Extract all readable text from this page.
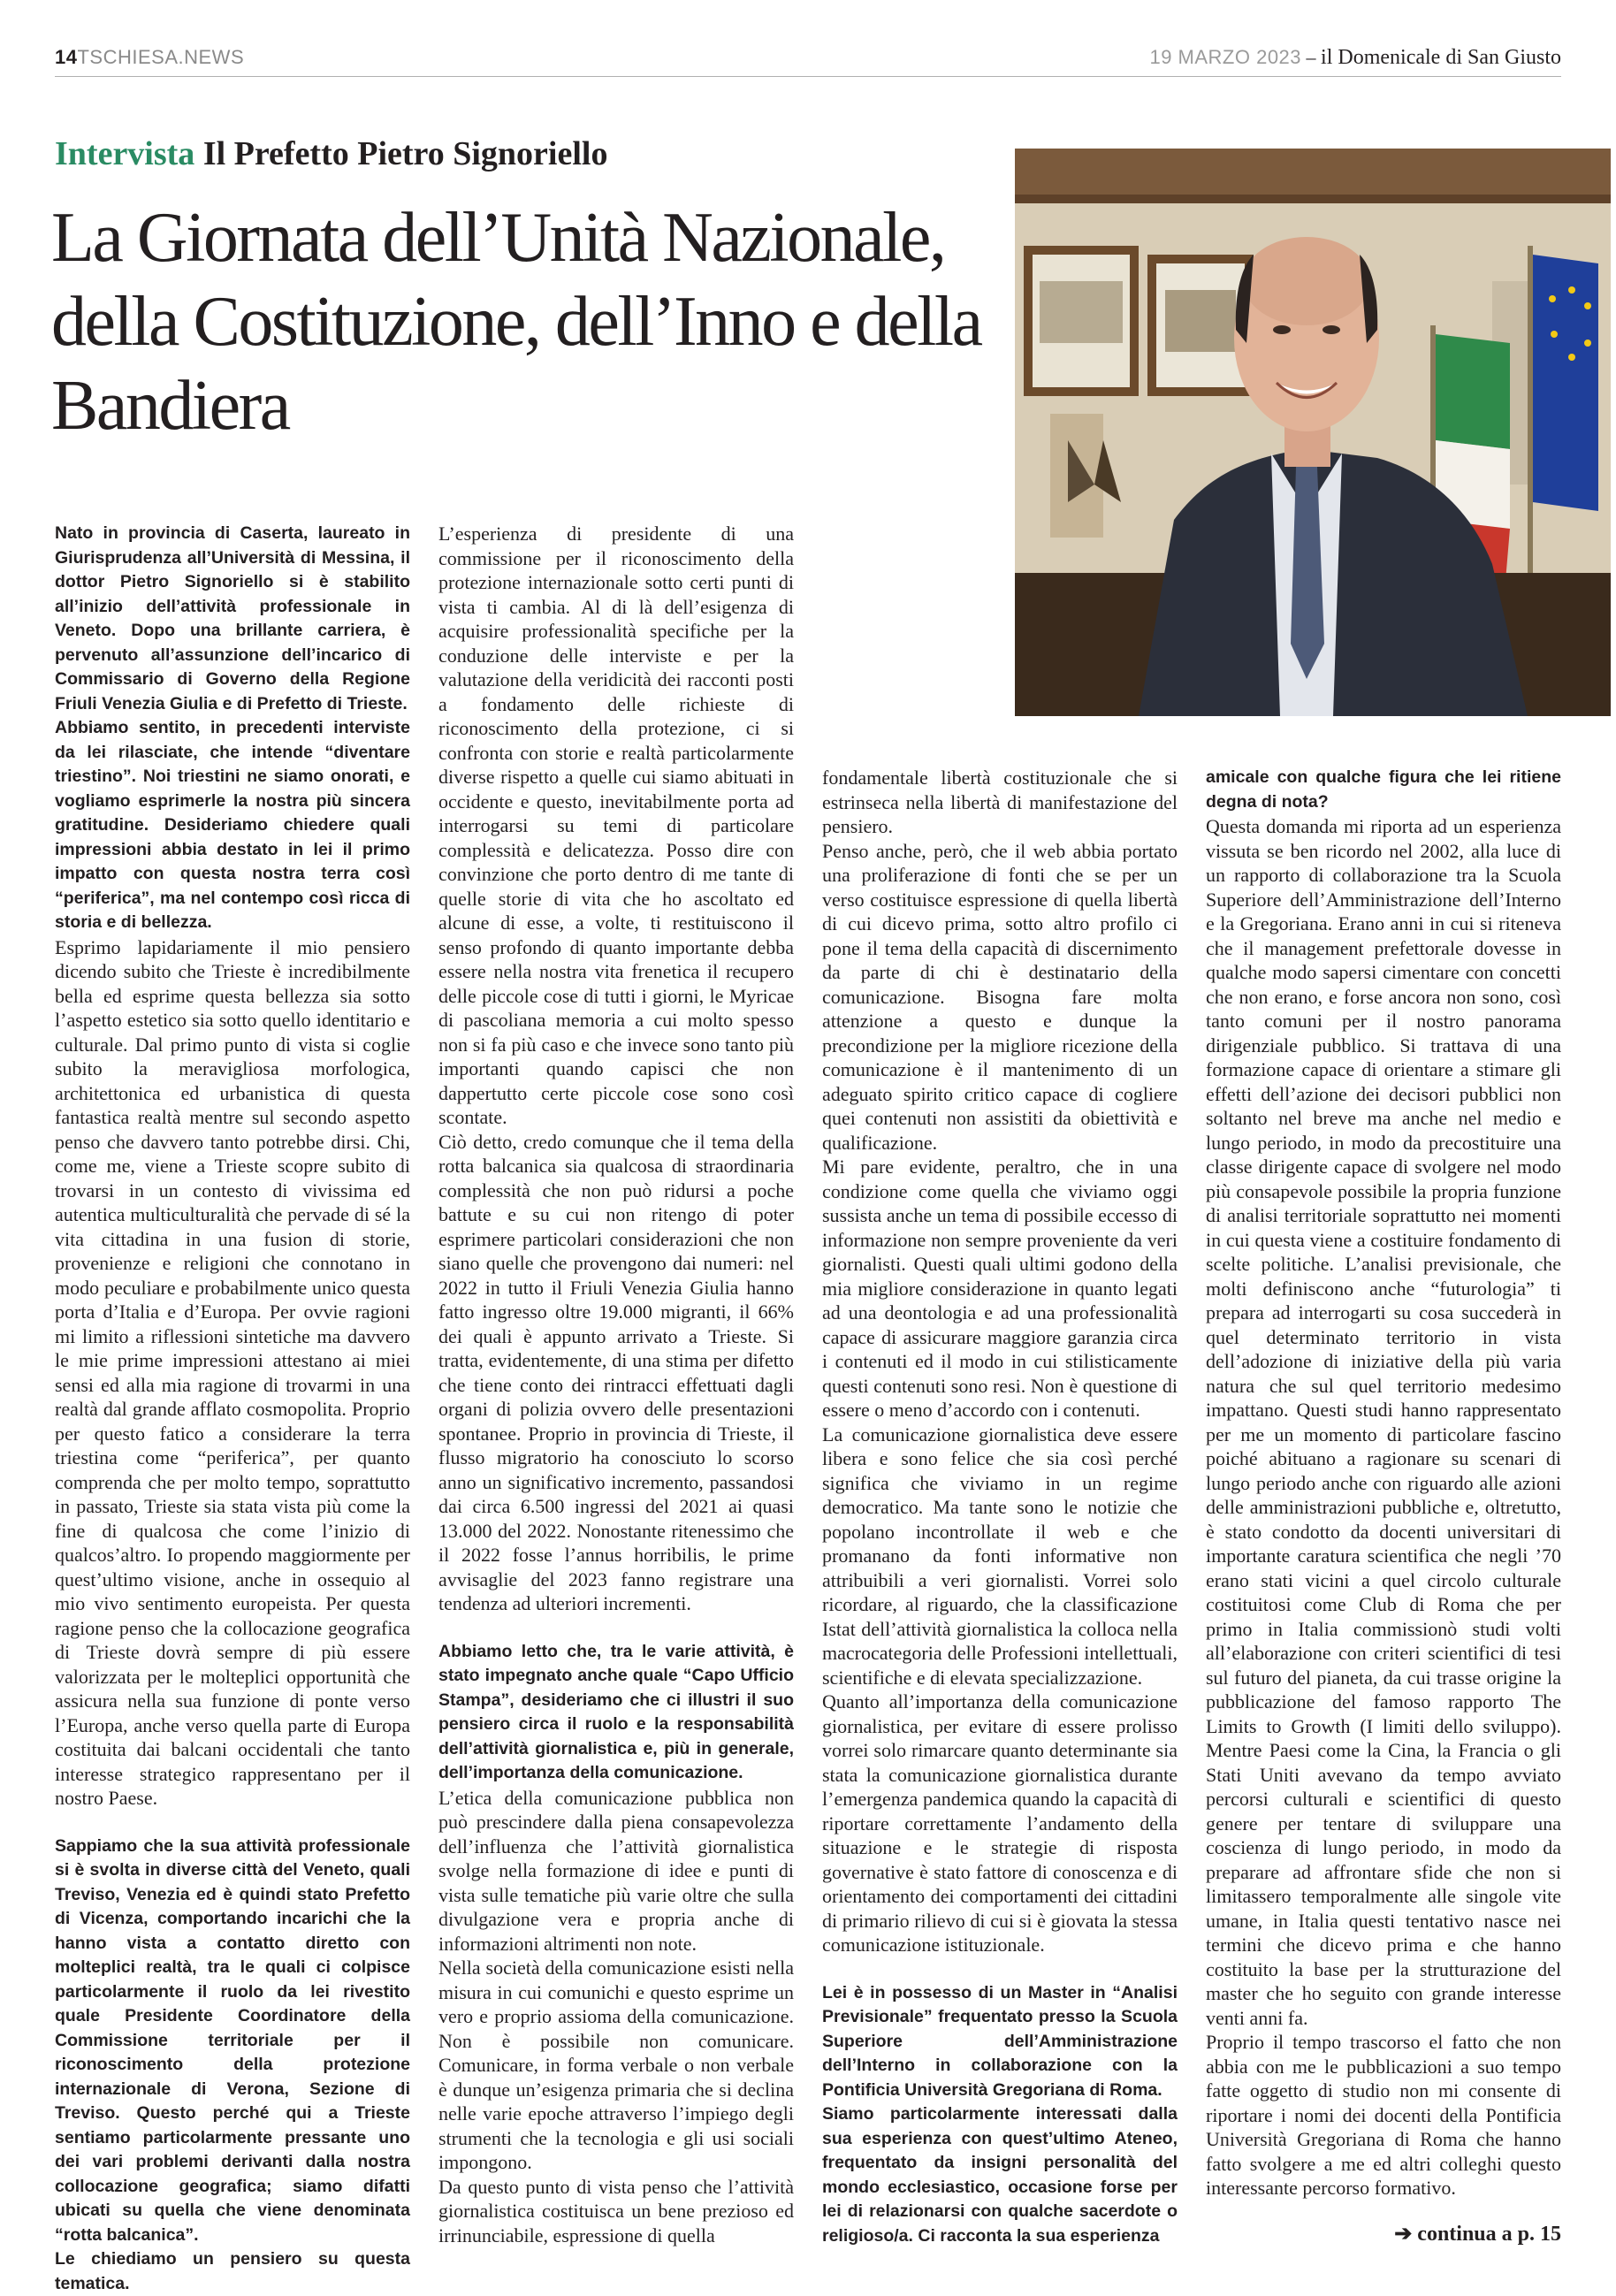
14TSCHIESA.NEWS	19 MARZO 2023 – il Domenicale di San Giusto
Intervista Il Prefetto Pietro Signoriello
La Giornata dell’Unità Nazionale, della Costituzione, dell’Inno e della Bandiera

Nato in provincia di Caserta, laureato in Giurisprudenza all’Università di Messina, il dottor Pietro Signoriello si è stabilito all’inizio dell’attività professionale in Veneto. Dopo una brillante carriera, è pervenuto all’assunzione dell’incarico di Commissario di Governo della Regione Friuli Venezia Giulia e di Prefetto di Trieste.

Abbiamo sentito, in precedenti interviste da lei rilasciate, che intende “diventare triestino”. Noi triestini ne siamo onorati, e vogliamo esprimerle la nostra più sincera gratitudine. Desideriamo chiedere quali impressioni abbia destato in lei il primo impatto con questa nostra terra così “periferica”, ma nel contempo così ricca di storia e di bellezza.

Esprimo lapidariamente il mio pensiero dicendo subito che Trieste è incredibilmente bella ed esprime questa bellezza sia sotto l’aspetto estetico sia sotto quello identitario e culturale. Dal primo punto di vista si coglie subito la meravigliosa morfologica, architettonica ed urbanistica di questa fantastica realtà mentre sul secondo aspetto penso che davvero tanto potrebbe dirsi. Chi, come me, viene a Trieste scopre subito di trovarsi in un contesto di vivissima ed autentica multiculturalità che pervade di sé la vita cittadina in una fusion di storie, provenienze e religioni che connotano in modo peculiare e probabilmente unico questa porta d’Italia e d’Europa. Per ovvie ragioni mi limito a riflessioni sintetiche ma davvero le mie prime impressioni attestano ai miei sensi ed alla mia ragione di trovarmi in una realtà dal grande afflato cosmopolita. Proprio per questo fatico a considerare la terra triestina come “periferica”, per quanto comprenda che per molto tempo, soprattutto in passato, Trieste sia stata vista più come la fine di qualcosa che come l’inizio di qualcos’altro. Io propendo maggiormente per quest’ultimo visione, anche in ossequio al mio vivo sentimento europeista. Per questa ragione penso che la collocazione geografica di Trieste dovrà sempre di più essere valorizzata per le molteplici opportunità che assicura nella sua funzione di ponte verso l’Europa, anche verso quella parte di Europa costituita dai balcani occidentali che tanto interesse strategico rappresentano per il nostro Paese.

Sappiamo che la sua attività professionale si è svolta in diverse città del Veneto, quali Treviso, Venezia ed è quindi stato Prefetto di Vicenza, comportando incarichi che la hanno vista a contatto diretto con molteplici realtà, tra le quali ci colpisce particolarmente il ruolo da lei rivestito quale Presidente Coordinatore della Commissione territoriale per il riconoscimento della protezione internazionale di Verona, Sezione di Treviso. Questo perché qui a Trieste sentiamo particolarmente pressante uno dei vari problemi derivanti dalla nostra collocazione geografica; siamo difatti ubicati su quella che viene denominata “rotta balcanica”.

Le chiediamo un pensiero su questa tematica.

L’esperienza di presidente di una commissione per il riconoscimento della protezione internazionale sotto certi punti di vista ti cambia. Al di là dell’esigenza di acquisire professionalità specifiche per la conduzione delle interviste e per la valutazione della veridicità dei racconti posti a fondamento delle richieste di riconoscimento della protezione, ci si confronta con storie e realtà particolarmente diverse rispetto a quelle cui siamo abituati in occidente e questo, inevitabilmente porta ad interrogarsi su temi di particolare complessità e delicatezza. Posso dire con convinzione che porto dentro di me tante di quelle storie di vita che ho ascoltato ed alcune di esse, a volte, ti restituiscono il senso profondo di quanto importante debba essere nella nostra vita frenetica il recupero delle piccole cose di tutti i giorni, le Myricae di pascoliana memoria a cui molto spesso non si fa più caso e che invece sono tanto più importanti quando capisci che non dappertutto certe piccole cose sono così scontate.

Ciò detto, credo comunque che il tema della rotta balcanica sia qualcosa di straordinaria complessità che non può ridursi a poche battute e su cui non ritengo di poter esprimere particolari considerazioni che non siano quelle che provengono dai numeri: nel 2022 in tutto il Friuli Venezia Giulia hanno fatto ingresso oltre 19.000 migranti, il 66% dei quali è appunto arrivato a Trieste. Si tratta, evidentemente, di una stima per difetto che tiene conto dei rintracci effettuati dagli organi di polizia ovvero delle presentazioni spontanee. Proprio in provincia di Trieste, il flusso migratorio ha conosciuto lo scorso anno un significativo incremento, passandosi dai circa 6.500 ingressi del 2021 ai quasi 13.000 del 2022. Nonostante ritenessimo che il 2022 fosse l’annus horribilis, le prime avvisaglie del 2023 fanno registrare una tendenza ad ulteriori incrementi.

Abbiamo letto che, tra le varie attività, è stato impegnato anche quale “Capo Ufficio Stampa”, desideriamo che ci illustri il suo pensiero circa il ruolo e la responsabilità dell’attività giornalistica e, più in generale, dell’importanza della comunicazione.

L’etica della comunicazione pubblica non può prescindere dalla piena consapevolezza dell’influenza che l’attività giornalistica svolge nella formazione di idee e punti di vista sulle tematiche più varie oltre che sulla divulgazione vera e propria anche di informazioni altrimenti non note.

Nella società della comunicazione esisti nella misura in cui comunichi e questo esprime un vero e proprio assioma della comunicazione. Non è possibile non comunicare. Comunicare, in forma verbale o non verbale è dunque un’esigenza primaria che si declina nelle varie epoche attraverso l’impiego degli strumenti che la tecnologia e gli usi sociali impongono.

Da questo punto di vista penso che l’attività giornalistica costituisca un bene prezioso ed irrinunciabile, espressione di quella

fondamentale libertà costituzionale che si estrinseca nella libertà di manifestazione del pensiero.

Penso anche, però, che il web abbia portato una proliferazione di fonti che se per un verso costituisce espressione di quella libertà di cui dicevo prima, sotto altro profilo ci pone il tema della capacità di discernimento da parte di chi è destinatario della comunicazione. Bisogna fare molta attenzione a questo e dunque la precondizione per la migliore ricezione della comunicazione è il mantenimento di un adeguato spirito critico capace di cogliere quei contenuti non assistiti da obiettività e qualificazione.

Mi pare evidente, peraltro, che in una condizione come quella che viviamo oggi sussista anche un tema di possibile eccesso di informazione non sempre proveniente da veri giornalisti. Questi quali ultimi godono della mia migliore considerazione in quanto legati ad una deontologia e ad una professionalità capace di assicurare maggiore garanzia circa i contenuti ed il modo in cui stilisticamente questi contenuti sono resi. Non è questione di essere o meno d’accordo con i contenuti.

La comunicazione giornalistica deve essere libera e sono felice che sia così perché significa che viviamo in un regime democratico. Ma tante sono le notizie che popolano incontrollate il web e che promanano da fonti informative non attribuibili a veri giornalisti. Vorrei solo ricordare, al riguardo, che la classificazione Istat dell’attività giornalistica la colloca nella macrocategoria delle Professioni intellettuali, scientifiche e di elevata specializzazione.

Quanto all’importanza della comunicazione giornalistica, per evitare di essere prolisso vorrei solo rimarcare quanto determinante sia stata la comunicazione giornalistica durante l’emergenza pandemica quando la capacità di riportare correttamente l’andamento della situazione e le strategie di risposta governative è stato fattore di conoscenza e di orientamento dei comportamenti dei cittadini di primario rilievo di cui si è giovata la stessa comunicazione istituzionale.

Lei è in possesso di un Master in “Analisi Previsionale” frequentato presso la Scuola Superiore dell’Amministrazione dell’Interno in collaborazione con la Pontificia Università Gregoriana di Roma.

Siamo particolarmente interessati dalla sua esperienza con quest’ultimo Ateneo, frequentato da insigni personalità del mondo ecclesiastico, occasione forse per lei di relazionarsi con qualche sacerdote o religioso/a. Ci racconta la sua esperienza

amicale con qualche figura che lei ritiene degna di nota?

Questa domanda mi riporta ad un esperienza vissuta se ben ricordo nel 2002, alla luce di un rapporto di collaborazione tra la Scuola Superiore dell’Amministrazione dell’Interno e la Gregoriana. Erano anni in cui si riteneva che il management prefettorale dovesse in qualche modo sapersi cimentare con concetti che non erano, e forse ancora non sono, così tanto comuni per il nostro panorama dirigenziale pubblico. Si trattava di una formazione capace di orientare a stimare gli effetti dell’azione dei decisori pubblici non soltanto nel breve ma anche nel medio e lungo periodo, in modo da precostituire una classe dirigente capace di svolgere nel modo più consapevole possibile la propria funzione di analisi territoriale soprattutto nei momenti in cui questa viene a costituire fondamento di scelte politiche. L’analisi previsionale, che molti definiscono anche “futurologia” ti prepara ad interrogarti su cosa succederà in quel determinato territorio in vista dell’adozione di iniziative della più varia natura che sul quel territorio medesimo impattano. Questi studi hanno rappresentato per me un momento di particolare fascino poiché abituano a ragionare su scenari di lungo periodo anche con riguardo alle azioni delle amministrazioni pubbliche e, oltretutto, è stato condotto da docenti universitari di importante caratura scientifica che negli ’70 erano stati vicini a quel circolo culturale costituitosi come Club di Roma che per primo in Italia commissionò studi volti all’elaborazione con criteri scientifici di tesi sul futuro del pianeta, da cui trasse origine la pubblicazione del famoso rapporto The Limits to Growth (I limiti dello sviluppo). Mentre Paesi come la Cina, la Francia o gli Stati Uniti avevano da tempo avviato percorsi culturali e scientifici di questo genere per tentare di sviluppare una coscienza di lungo periodo, in modo da preparare ad affrontare sfide che non si limitassero temporalmente alle singole vite umane, in Italia questi tentativo nasce nei termini che dicevo prima e che hanno costituito la base per la strutturazione del master che ho seguito con grande interesse venti anni fa.

Proprio il tempo trascorso el fatto che non abbia con me le pubblicazioni a suo tempo fatte oggetto di studio non mi consente di riportare i nomi dei docenti della Pontificia Università Gregoriana di Roma che hanno fatto svolgere a me ed altri colleghi questo interessante percorso formativo.

➔ continua a p. 15
